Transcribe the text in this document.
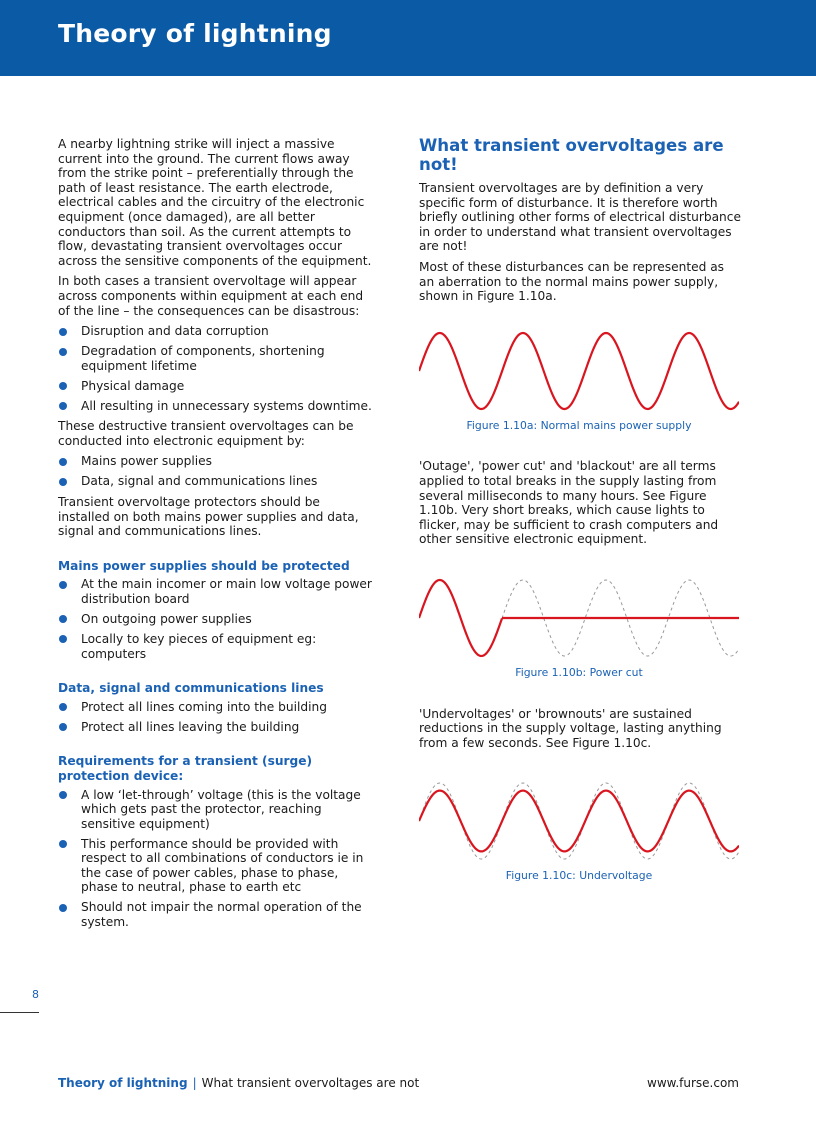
Theory of lightning

A nearby lightning strike will inject a massive current into the ground. The current flows away from the strike point – preferentially through the path of least resistance. The earth electrode, electrical cables and the circuitry of the electronic equipment (once damaged), are all better conductors than soil. As the current attempts to flow, devastating transient overvoltages occur across the sensitive components of the equipment.

In both cases a transient overvoltage will appear across components within equipment at each end of the line – the consequences can be disastrous:

Disruption and data corruption
Degradation of components, shortening equipment lifetime
Physical damage
All resulting in unnecessary systems downtime.

These destructive transient overvoltages can be conducted into electronic equipment by:

Mains power supplies
Data, signal and communications lines

Transient overvoltage protectors should be installed on both mains power supplies and data, signal and communications lines.

Mains power supplies should be protected
At the main incomer or main low voltage power distribution board
On outgoing power supplies
Locally to key pieces of equipment eg: computers
Data, signal and communications lines
Protect all lines coming into the building
Protect all lines leaving the building
Requirements for a transient (surge) protection device:
A low ‘let-through’ voltage (this is the voltage which gets past the protector, reaching sensitive equipment)
This performance should be provided with respect to all combinations of conductors ie in the case of power cables, phase to phase, phase to neutral, phase to earth etc
Should not impair the normal operation of the system.
What transient overvoltages are not!

Transient overvoltages are by definition a very specific form of disturbance. It is therefore worth briefly outlining other forms of electrical disturbance in order to understand what transient overvoltages are not!

Most of these disturbances can be represented as an aberration to the normal mains power supply, shown in Figure 1.10a.

Figure 1.10a: Normal mains power supply

'Outage', 'power cut' and 'blackout' are all terms applied to total breaks in the supply lasting from several milliseconds to many hours. See Figure 1.10b. Very short breaks, which cause lights to flicker, may be sufficient to crash computers and other sensitive electronic equipment.

Figure 1.10b: Power cut

'Undervoltages' or 'brownouts' are sustained reductions in the supply voltage, lasting anything from a few seconds. See Figure 1.10c.

Figure 1.10c: Undervoltage
8
Theory of lightning | What transient overvoltages are not	www.furse.com
